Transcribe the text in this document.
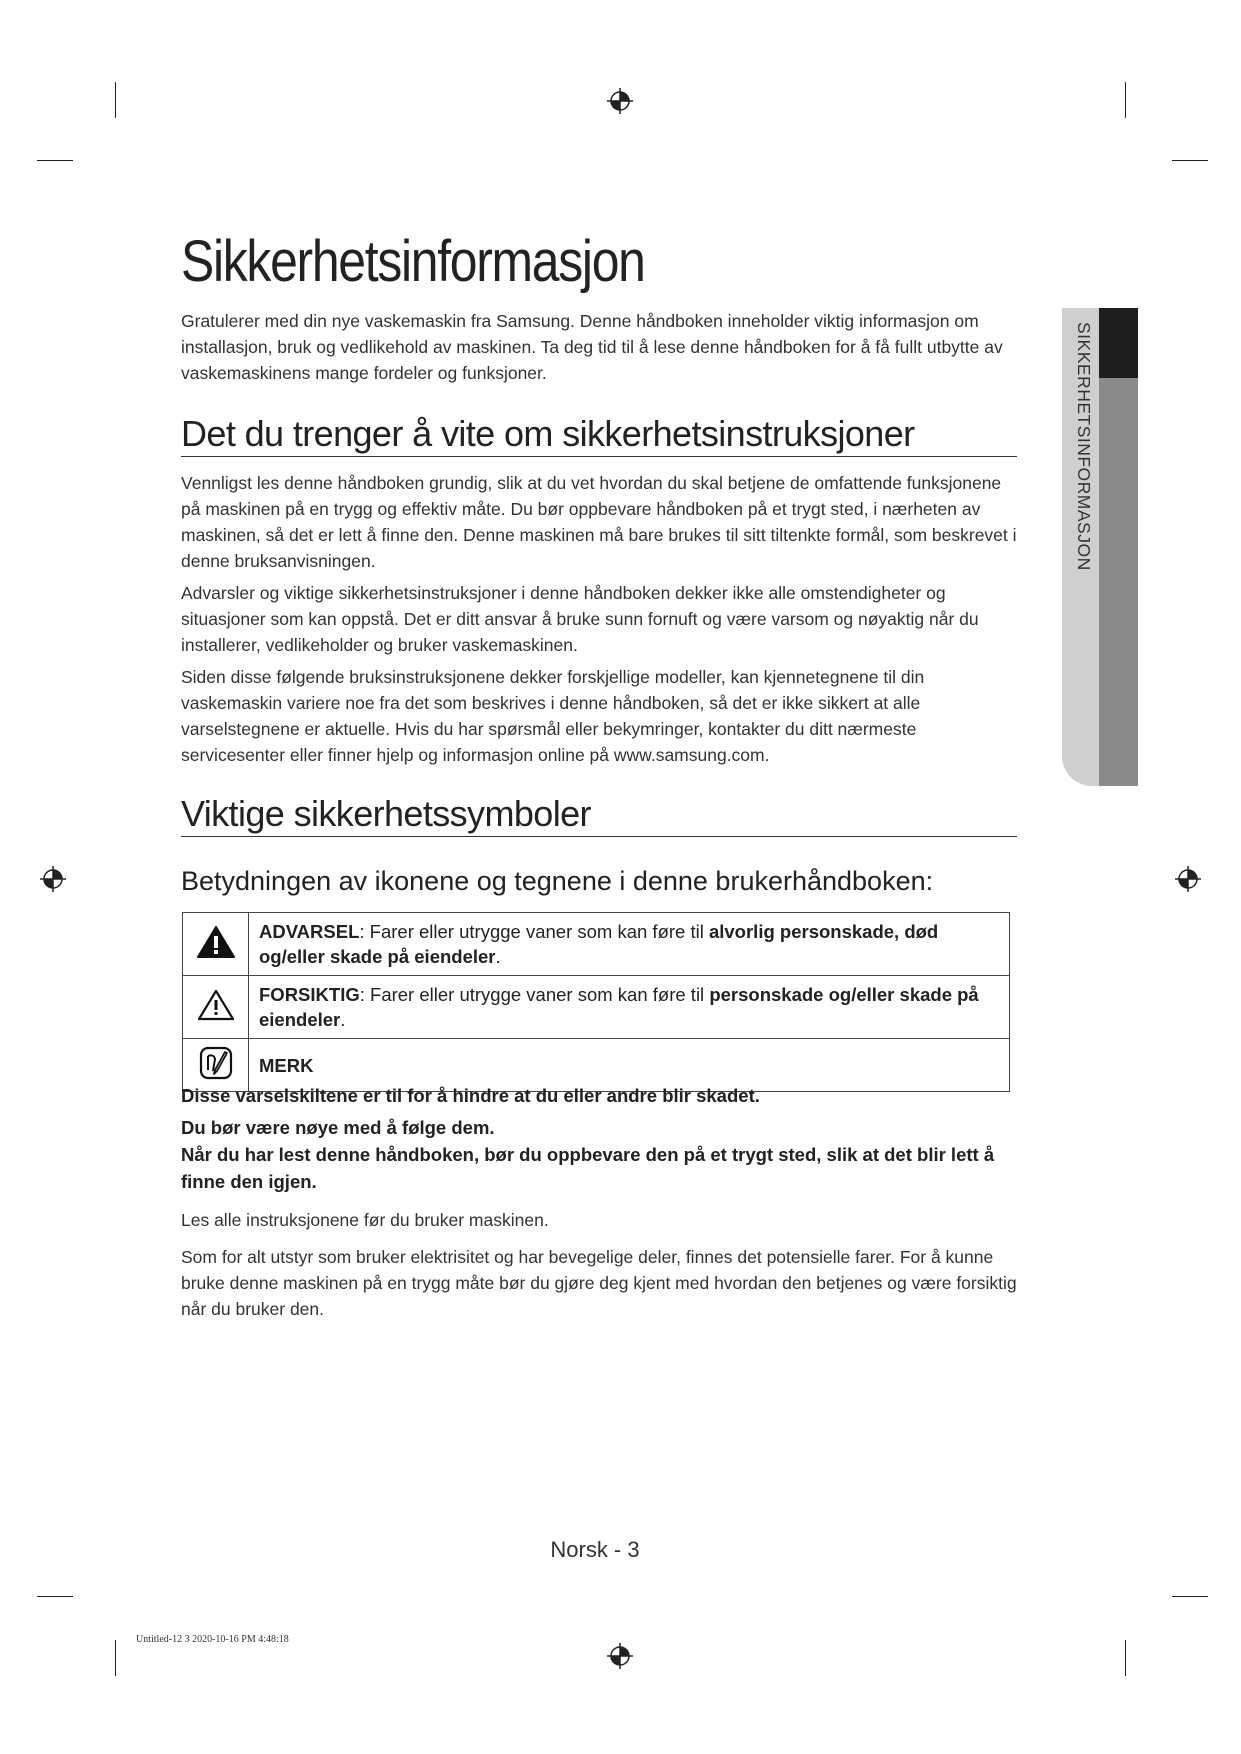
SIKKERHETSINFORMASJON
Sikkerhetsinformasjon

Gratulerer med din nye vaskemaskin fra Samsung. Denne håndboken inneholder viktig informasjon om installasjon, bruk og vedlikehold av maskinen. Ta deg tid til å lese denne håndboken for å få fullt utbytte av vaskemaskinens mange fordeler og funksjoner.

Det du trenger å vite om sikkerhetsinstruksjoner

Vennligst les denne håndboken grundig, slik at du vet hvordan du skal betjene de omfattende funksjonene på maskinen på en trygg og effektiv måte. Du bør oppbevare håndboken på et trygt sted, i nærheten av maskinen, så det er lett å finne den. Denne maskinen må bare brukes til sitt tiltenkte formål, som beskrevet i denne bruksanvisningen.

Advarsler og viktige sikkerhetsinstruksjoner i denne håndboken dekker ikke alle omstendigheter og situasjoner som kan oppstå. Det er ditt ansvar å bruke sunn fornuft og være varsom og nøyaktig når du installerer, vedlikeholder og bruker vaskemaskinen.

Siden disse følgende bruksinstruksjonene dekker forskjellige modeller, kan kjennetegnene til din vaskemaskin variere noe fra det som beskrives i denne håndboken, så det er ikke sikkert at alle varselstegnene er aktuelle. Hvis du har spørsmål eller bekymringer, kontakter du ditt nærmeste servicesenter eller finner hjelp og informasjon online på www.samsung.com.

Viktige sikkerhetssymboler
Betydningen av ikonene og tegnene i denne brukerhåndboken:
	ADVARSEL: Farer eller utrygge vaner som kan føre til alvorlig personskade, død og/eller skade på eiendeler.
	FORSIKTIG: Farer eller utrygge vaner som kan føre til personskade og/eller skade på eiendeler.
	MERK

Disse varselskiltene er til for å hindre at du eller andre blir skadet.

Du bør være nøye med å følge dem.

Når du har lest denne håndboken, bør du oppbevare den på et trygt sted, slik at det blir lett å finne den igjen.

Les alle instruksjonene før du bruker maskinen.

Som for alt utstyr som bruker elektrisitet og har bevegelige deler, finnes det potensielle farer. For å kunne bruke denne maskinen på en trygg måte bør du gjøre deg kjent med hvordan den betjenes og være forsiktig når du bruker den.

Norsk - 3
Untitled-12 3 2020-10-16 PM 4:48:18
